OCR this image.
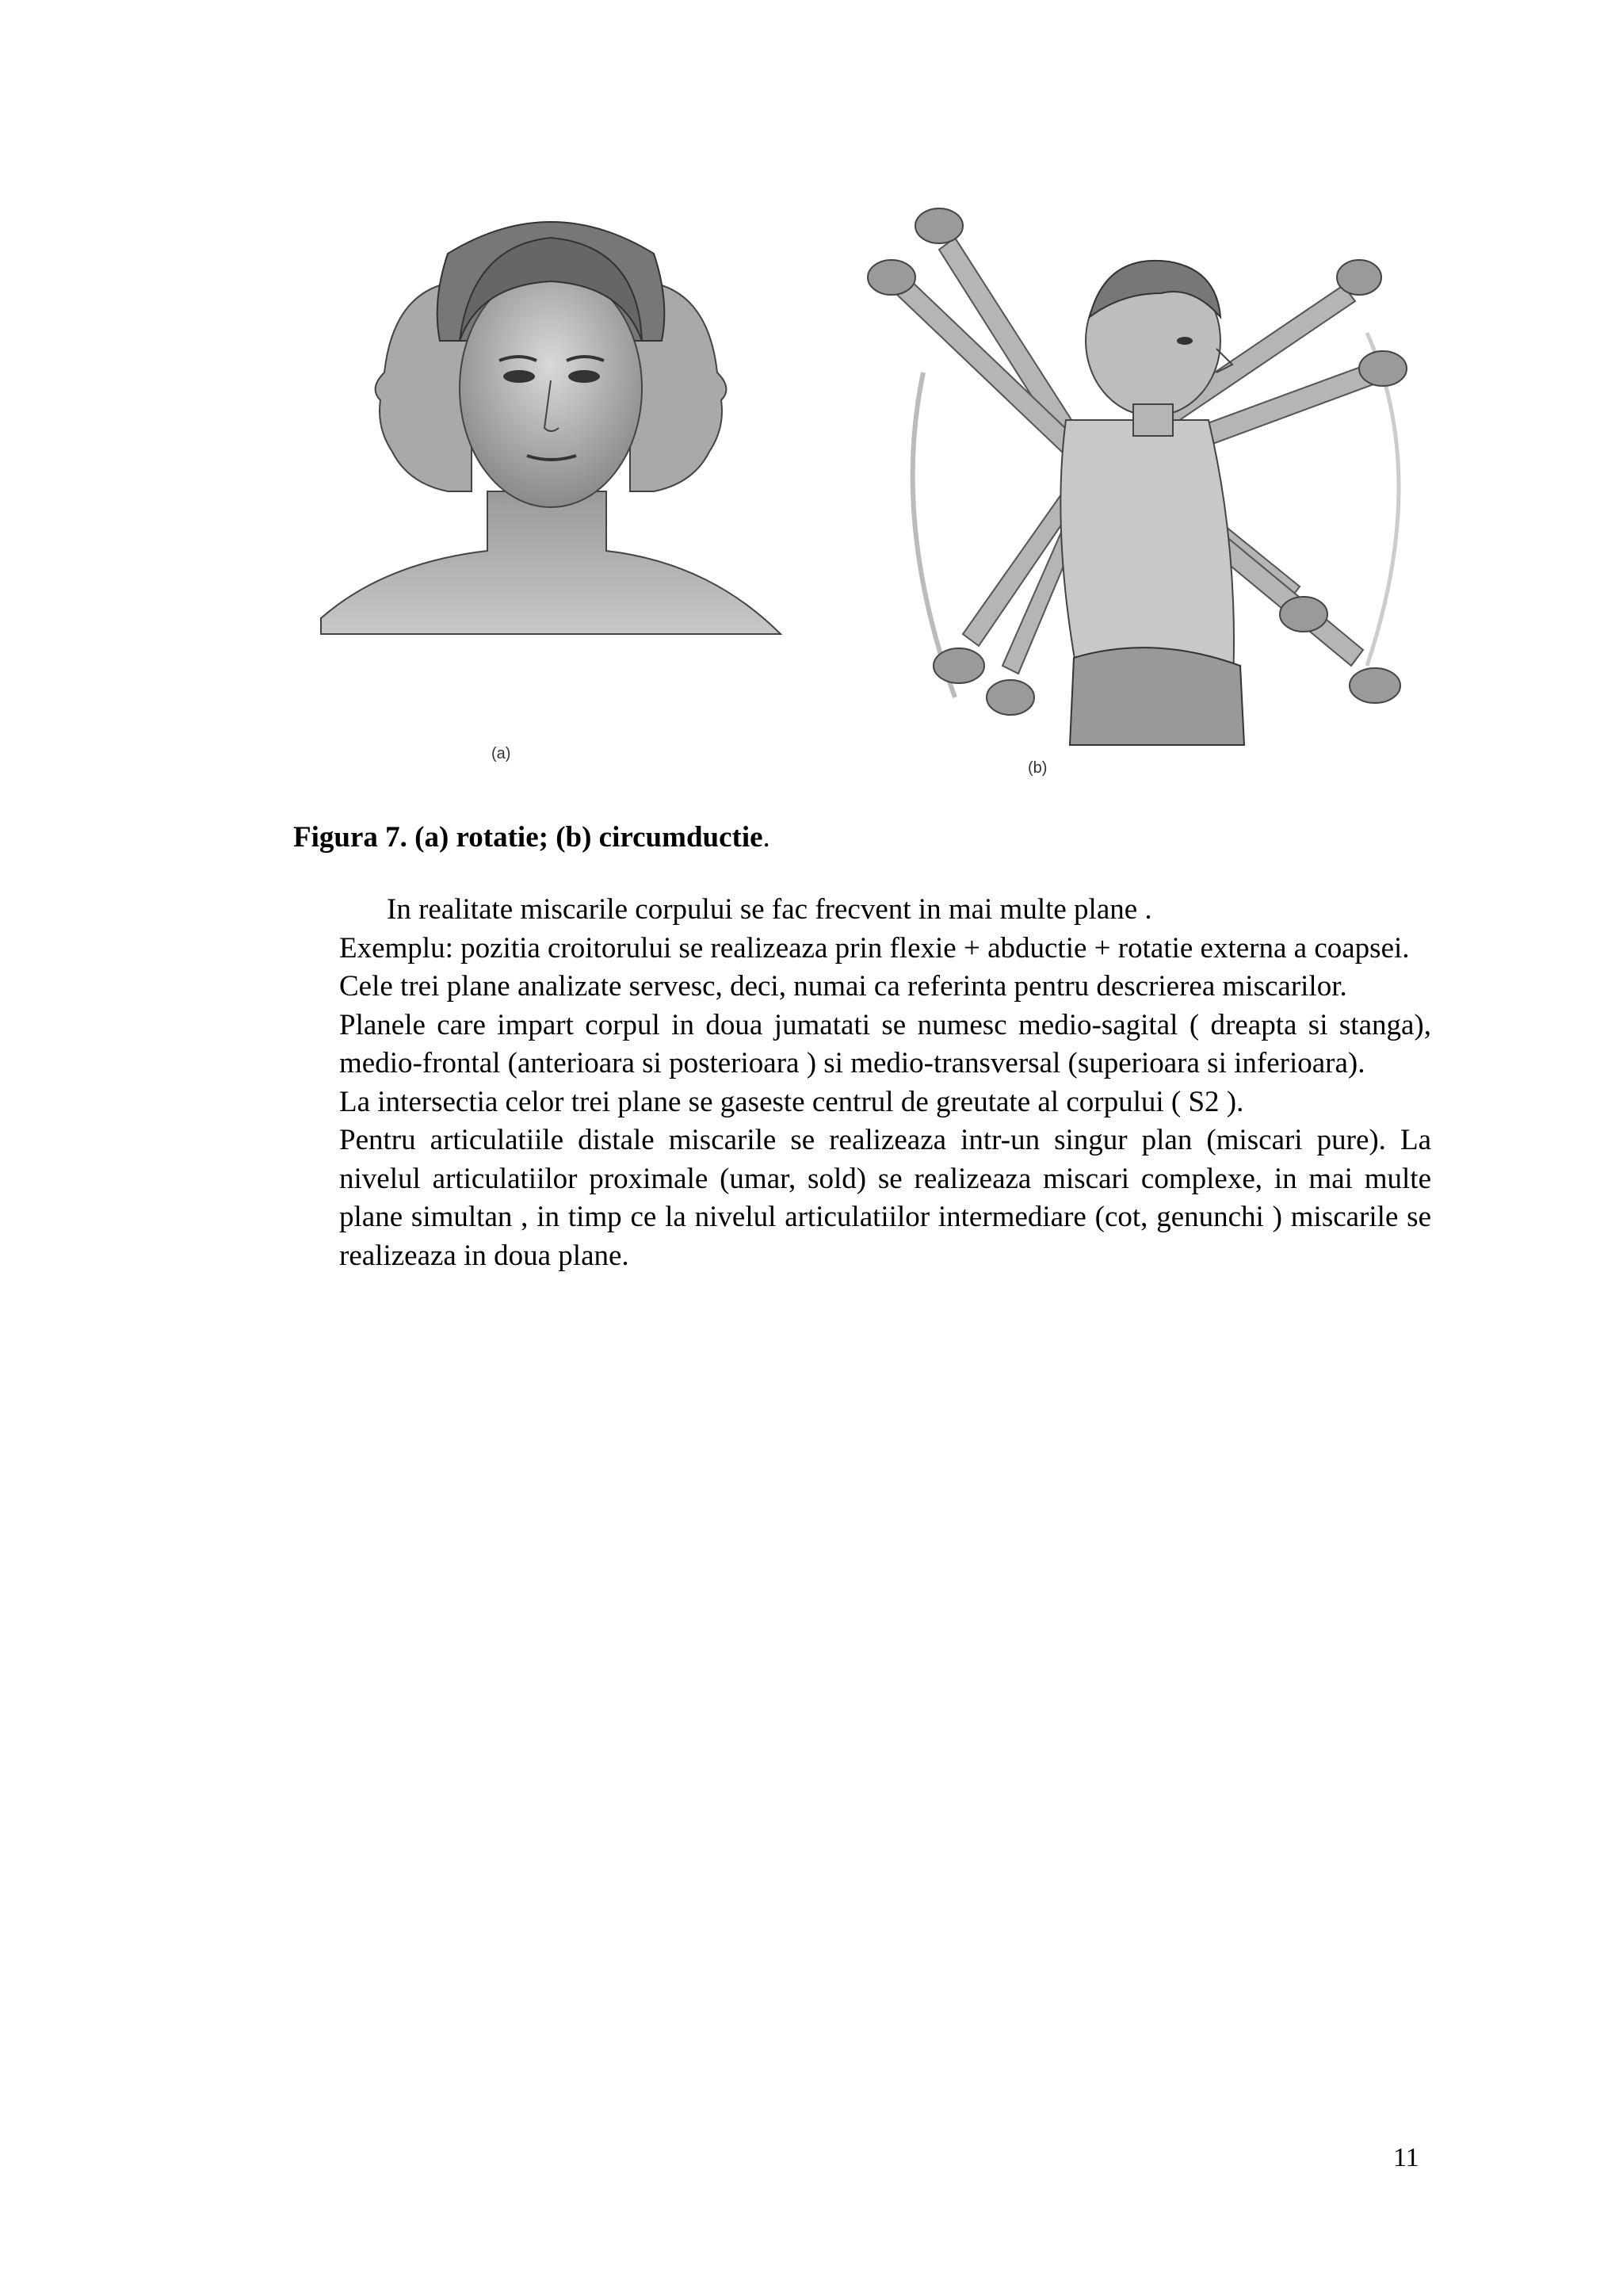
(a)
(b)
Figura 7. (a) rotatie; (b) circumductie.

In realitate miscarile corpului se fac frecvent in mai multe plane .

Exemplu: pozitia croitorului se realizeaza prin flexie + abductie + rotatie externa a coapsei.

Cele trei plane analizate servesc, deci, numai ca referinta pentru descrierea miscarilor.

Planele care impart corpul in doua jumatati se numesc medio-sagital ( dreapta si stanga), medio-frontal (anterioara si posterioara ) si medio-transversal (superioara si inferioara).

La intersectia celor trei plane se gaseste centrul de greutate al corpului ( S2 ).

Pentru articulatiile distale miscarile se realizeaza intr-un singur plan (miscari pure). La nivelul articulatiilor proximale (umar, sold) se realizeaza miscari complexe, in mai multe plane simultan , in timp ce la nivelul articulatiilor intermediare (cot, genunchi ) miscarile se realizeaza in doua plane.

11
